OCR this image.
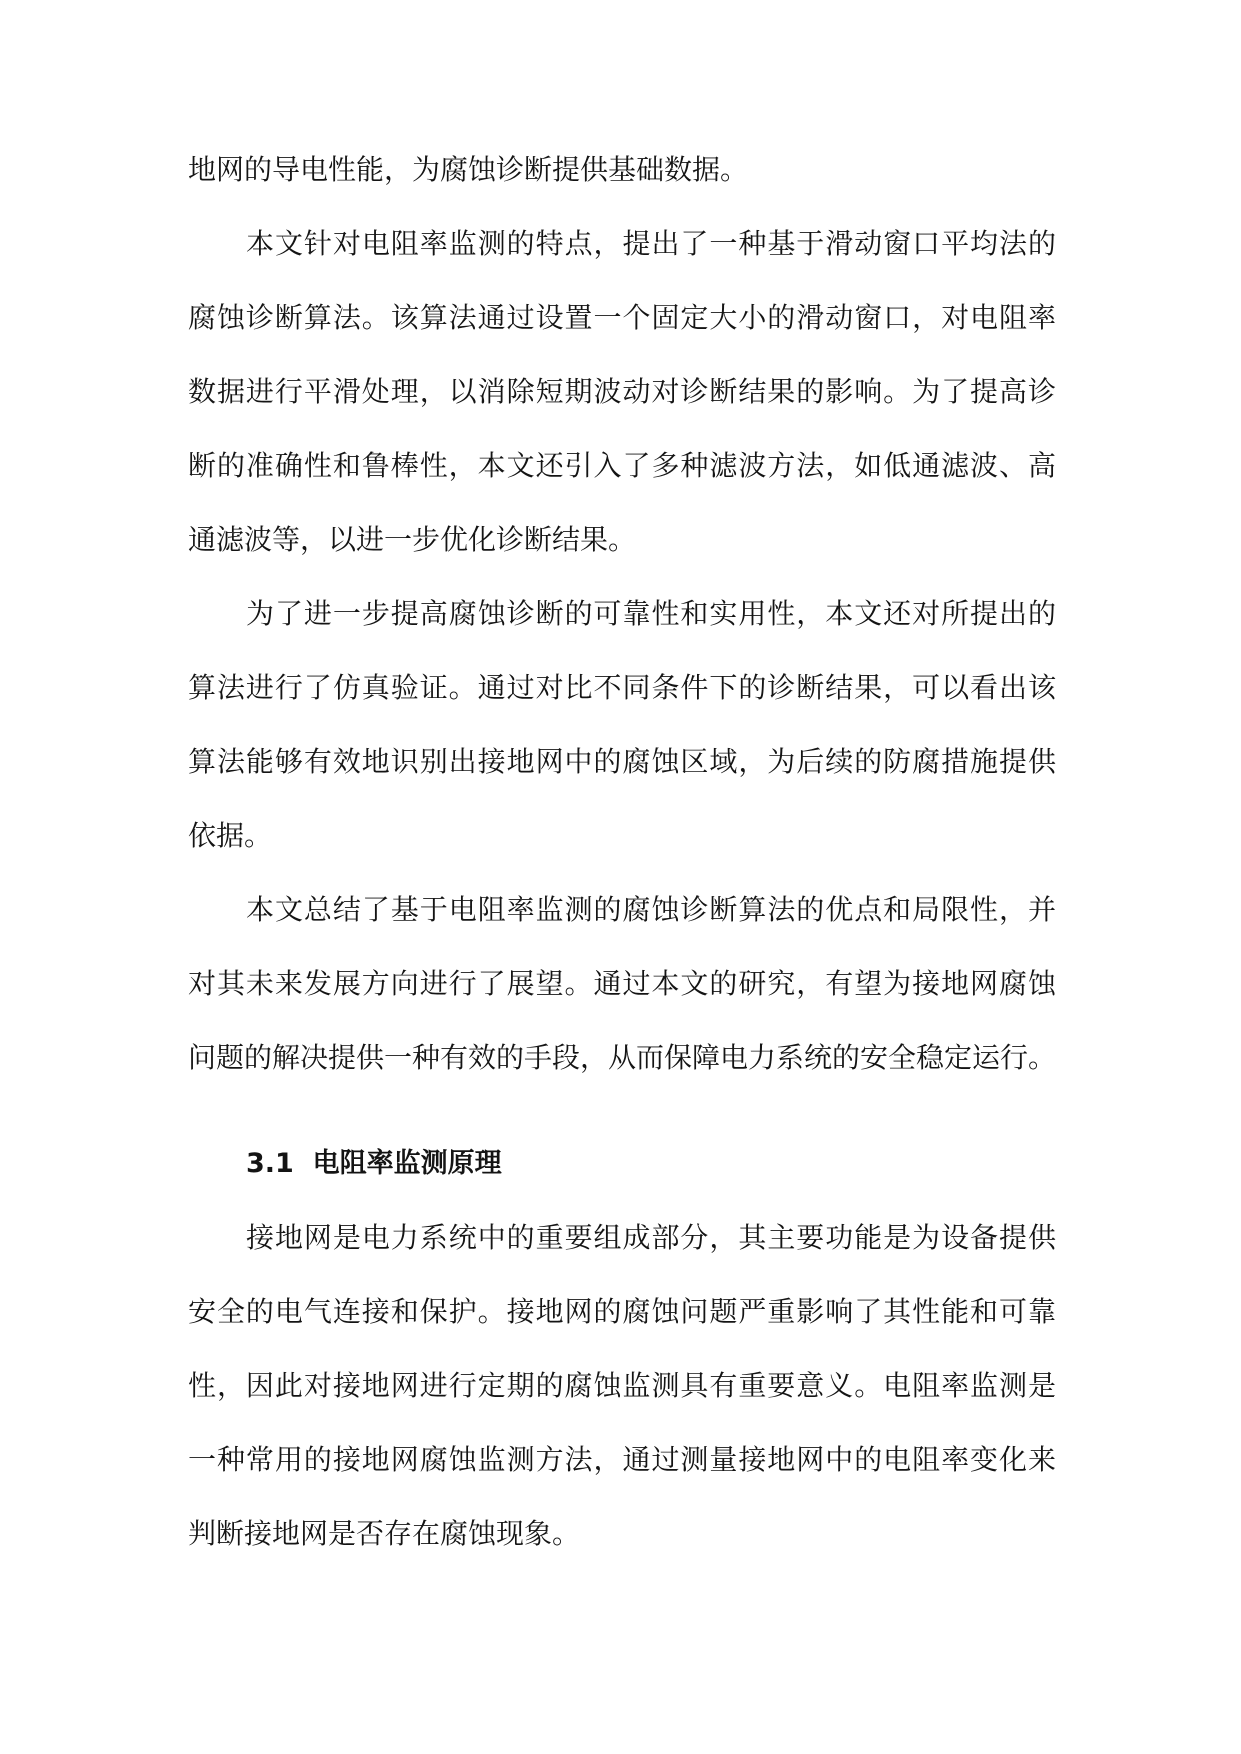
地网的导电性能，为腐蚀诊断提供基础数据。
本文针对电阻率监测的特点，提出了一种基于滑动窗口平均法的
腐蚀诊断算法。该算法通过设置一个固定大小的滑动窗口，对电阻率
数据进行平滑处理，以消除短期波动对诊断结果的影响。为了提高诊
断的准确性和鲁棒性，本文还引入了多种滤波方法，如低通滤波、高
通滤波等，以进一步优化诊断结果。
为了进一步提高腐蚀诊断的可靠性和实用性，本文还对所提出的
算法进行了仿真验证。通过对比不同条件下的诊断结果，可以看出该
算法能够有效地识别出接地网中的腐蚀区域，为后续的防腐措施提供
依据。
本文总结了基于电阻率监测的腐蚀诊断算法的优点和局限性，并
对其未来发展方向进行了展望。通过本文的研究，有望为接地网腐蚀
问题的解决提供一种有效的手段，从而保障电力系统的安全稳定运行。
3.1 电阻率监测原理
接地网是电力系统中的重要组成部分，其主要功能是为设备提供
安全的电气连接和保护。接地网的腐蚀问题严重影响了其性能和可靠
性，因此对接地网进行定期的腐蚀监测具有重要意义。电阻率监测是
一种常用的接地网腐蚀监测方法，通过测量接地网中的电阻率变化来
判断接地网是否存在腐蚀现象。
